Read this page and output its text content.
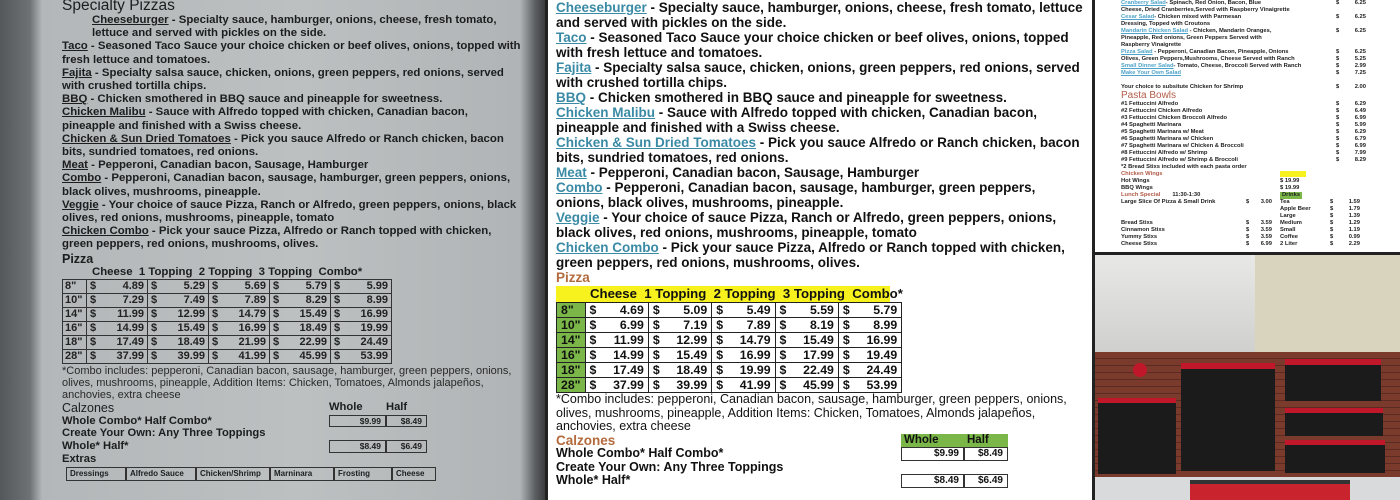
Specialty Pizzas
Cheeseburger - Specialty sauce, hamburger, onions, cheese, fresh tomato, lettuce and served with pickles on the side.
Taco - Seasoned Taco Sauce your choice chicken or beef olives, onions, topped with fresh lettuce and tomatoes.
Fajita - Specialty salsa sauce, chicken, onions, green peppers, red onions, served with crushed tortilla chips.
BBQ - Chicken smothered in BBQ sauce and pineapple for sweetness.
Chicken Malibu - Sauce with Alfredo topped with chicken, Canadian bacon, pineapple and finished with a Swiss cheese.
Chicken & Sun Dried Tomatoes - Pick you sauce Alfredo or Ranch chicken, bacon bits, sundried tomatoes, red onions.
Meat - Pepperoni, Canadian bacon, Sausage, Hamburger
Combo - Pepperoni, Canadian bacon, sausage, hamburger, green peppers, onions, black olives, mushrooms, pineapple.
Veggie - Your choice of sauce Pizza, Ranch or Alfredo, green peppers, onions, black olives, red onions, mushrooms, pineapple, tomato
Chicken Combo - Pick your sauce Pizza, Alfredo or Ranch topped with chicken, green peppers, red onions, mushrooms, olives.
Pizza
Cheese  1 Topping  2 Topping  3 Topping  Combo*
8"	$	4.89	$	5.29	$	5.69	$	5.79	$	5.99
10"	$	7.29	$	7.49	$	7.89	$	8.29	$	8.99
14"	$	11.99	$	12.99	$	14.79	$	15.49	$	16.99
16"	$	14.99	$	15.49	$	16.99	$	18.49	$	19.99
18"	$	17.49	$	18.49	$	21.99	$	22.99	$	24.49
28"	$	37.99	$	39.99	$	41.99	$	45.99	$	53.99
*Combo includes: pepperoni, Canadian bacon, sausage, hamburger, green peppers, onions, olives, mushrooms, pineapple, Addition Items: Chicken, Tomatoes, Almonds jalapeños, anchovies, extra cheese
Calzones	Whole	Half
Whole Combo* Half Combo*	$9.99	$8.49
Create Your Own: Any Three Toppings
Whole* Half*	$8.49	$6.49
Extras
Dressings	Alfredo Sauce	Chicken/Shrimp	Marninara	Frosting	Cheese
Cheeseburger - Specialty sauce, hamburger, onions, cheese, fresh tomato, lettuce and served with pickles on the side.
Taco - Seasoned Taco Sauce your choice chicken or beef olives, onions, topped with fresh lettuce and tomatoes.
Fajita - Specialty salsa sauce, chicken, onions, green peppers, red onions, served with crushed tortilla chips.
BBQ - Chicken smothered in BBQ sauce and pineapple for sweetness.
Chicken Malibu - Sauce with Alfredo topped with chicken, Canadian bacon, pineapple and finished with a Swiss cheese.
Chicken & Sun Dried Tomatoes - Pick you sauce Alfredo or Ranch chicken, bacon bits, sundried tomatoes, red onions.
Meat - Pepperoni, Canadian bacon, Sausage, Hamburger
Combo - Pepperoni, Canadian bacon, sausage, hamburger, green peppers, onions, black olives, mushrooms, pineapple.
Veggie - Your choice of sauce Pizza, Ranch or Alfredo, green peppers, onions, black olives, red onions, mushrooms, pineapple, tomato
Chicken Combo - Pick your sauce Pizza, Alfredo or Ranch topped with chicken, green peppers, red onions, mushrooms, olives.
Pizza
Cheese  1 Topping  2 Topping  3 Topping  Combo*
8"	$	4.69	$	5.09	$	5.49	$	5.59	$	5.79
10"	$	6.99	$	7.19	$	7.89	$	8.19	$	8.99
14"	$	11.99	$	12.99	$	14.79	$	15.49	$	16.99
16"	$	14.99	$	15.49	$	16.99	$	17.99	$	19.49
18"	$	17.49	$	18.49	$	19.99	$	22.49	$	24.49
28"	$	37.99	$	39.99	$	41.99	$	45.99	$	53.99
*Combo includes: pepperoni, Canadian bacon, sausage, hamburger, green peppers, onions, olives, mushrooms, pineapple, Addition Items: Chicken, Tomatoes, Almonds jalapeños, anchovies, extra cheese
Calzones	Whole	Half
Whole Combo* Half Combo*	$9.99	$8.49
Create Your Own: Any Three Toppings
Whole* Half*	$8.49	$6.49
Cranberry Salad- Spinach, Red Onion, Bacon, Blue	$	6.25
Cheese, Dried Cranberries,Served with Raspberry Vinaigrette
Cesar Salad- Chicken mixed with Parmesan	$	6.25
Dressing, Topped with Croutons
Mandarin Chicken Salad - Chicken, Mandarin Oranges,	$	6.25
Pineapple, Red onions, Green Peppers Served with
Raspberry Vinaigrette
Pizza Salad - Pepperoni, Canadian Bacon, Pineapple, Onions	$	6.25
Olives, Green Peppers,Mushrooms, Cheese Served with Ranch	$	5.25
Small Dinner Salad- Tomato, Cheese, Broccoli Served with Ranch	$	2.99
Make Your Own Salad	$	7.25
Your choice to subsitute Chicken for Shrimp	$	2.00
Pasta Bowls
#1 Fettuccini Alfredo	$	6.29
#2 Fettuccini Chicken Alfredo	$	6.49
#3 Fettuccini Chicken Broccoli Alfredo	$	6.99
#4 Spaghetti Marinara	$	5.99
#5 Spaghetti Marinara w/ Meat	$	6.29
#6 Spaghetti Marinara w/ Chicken	$	6.79
#7 Spaghetti Marinara w/ Chicken & Broccoli	$	6.99
#8 Fettuccini Alfredo w/ Shrimp	$	7.99
#9 Fettuccini Alfredo w/ Shrimp & Broccoli	$	8.29
*2 Bread Stixs included with each pasta order
Chicken Wings
Hot Wings	$ 19.99
BBQ Wings	$ 19.99
Lunch Special 11:30-1:30	Drinks
Large Slice Of Pizza & Small Drink	$	3.00 Tea	$	1.59
Apple Beer	$	1.79
Large	$	1.39
Bread Stixs	$	3.59 Medium	$	1.29
Cinnamon Stixs	$	3.59 Small	$	1.19
Yummy Stixs	$	3.59 Coffee	$	0.99
Cheese Stixs	$	6.99 2 Liter	$	2.29
